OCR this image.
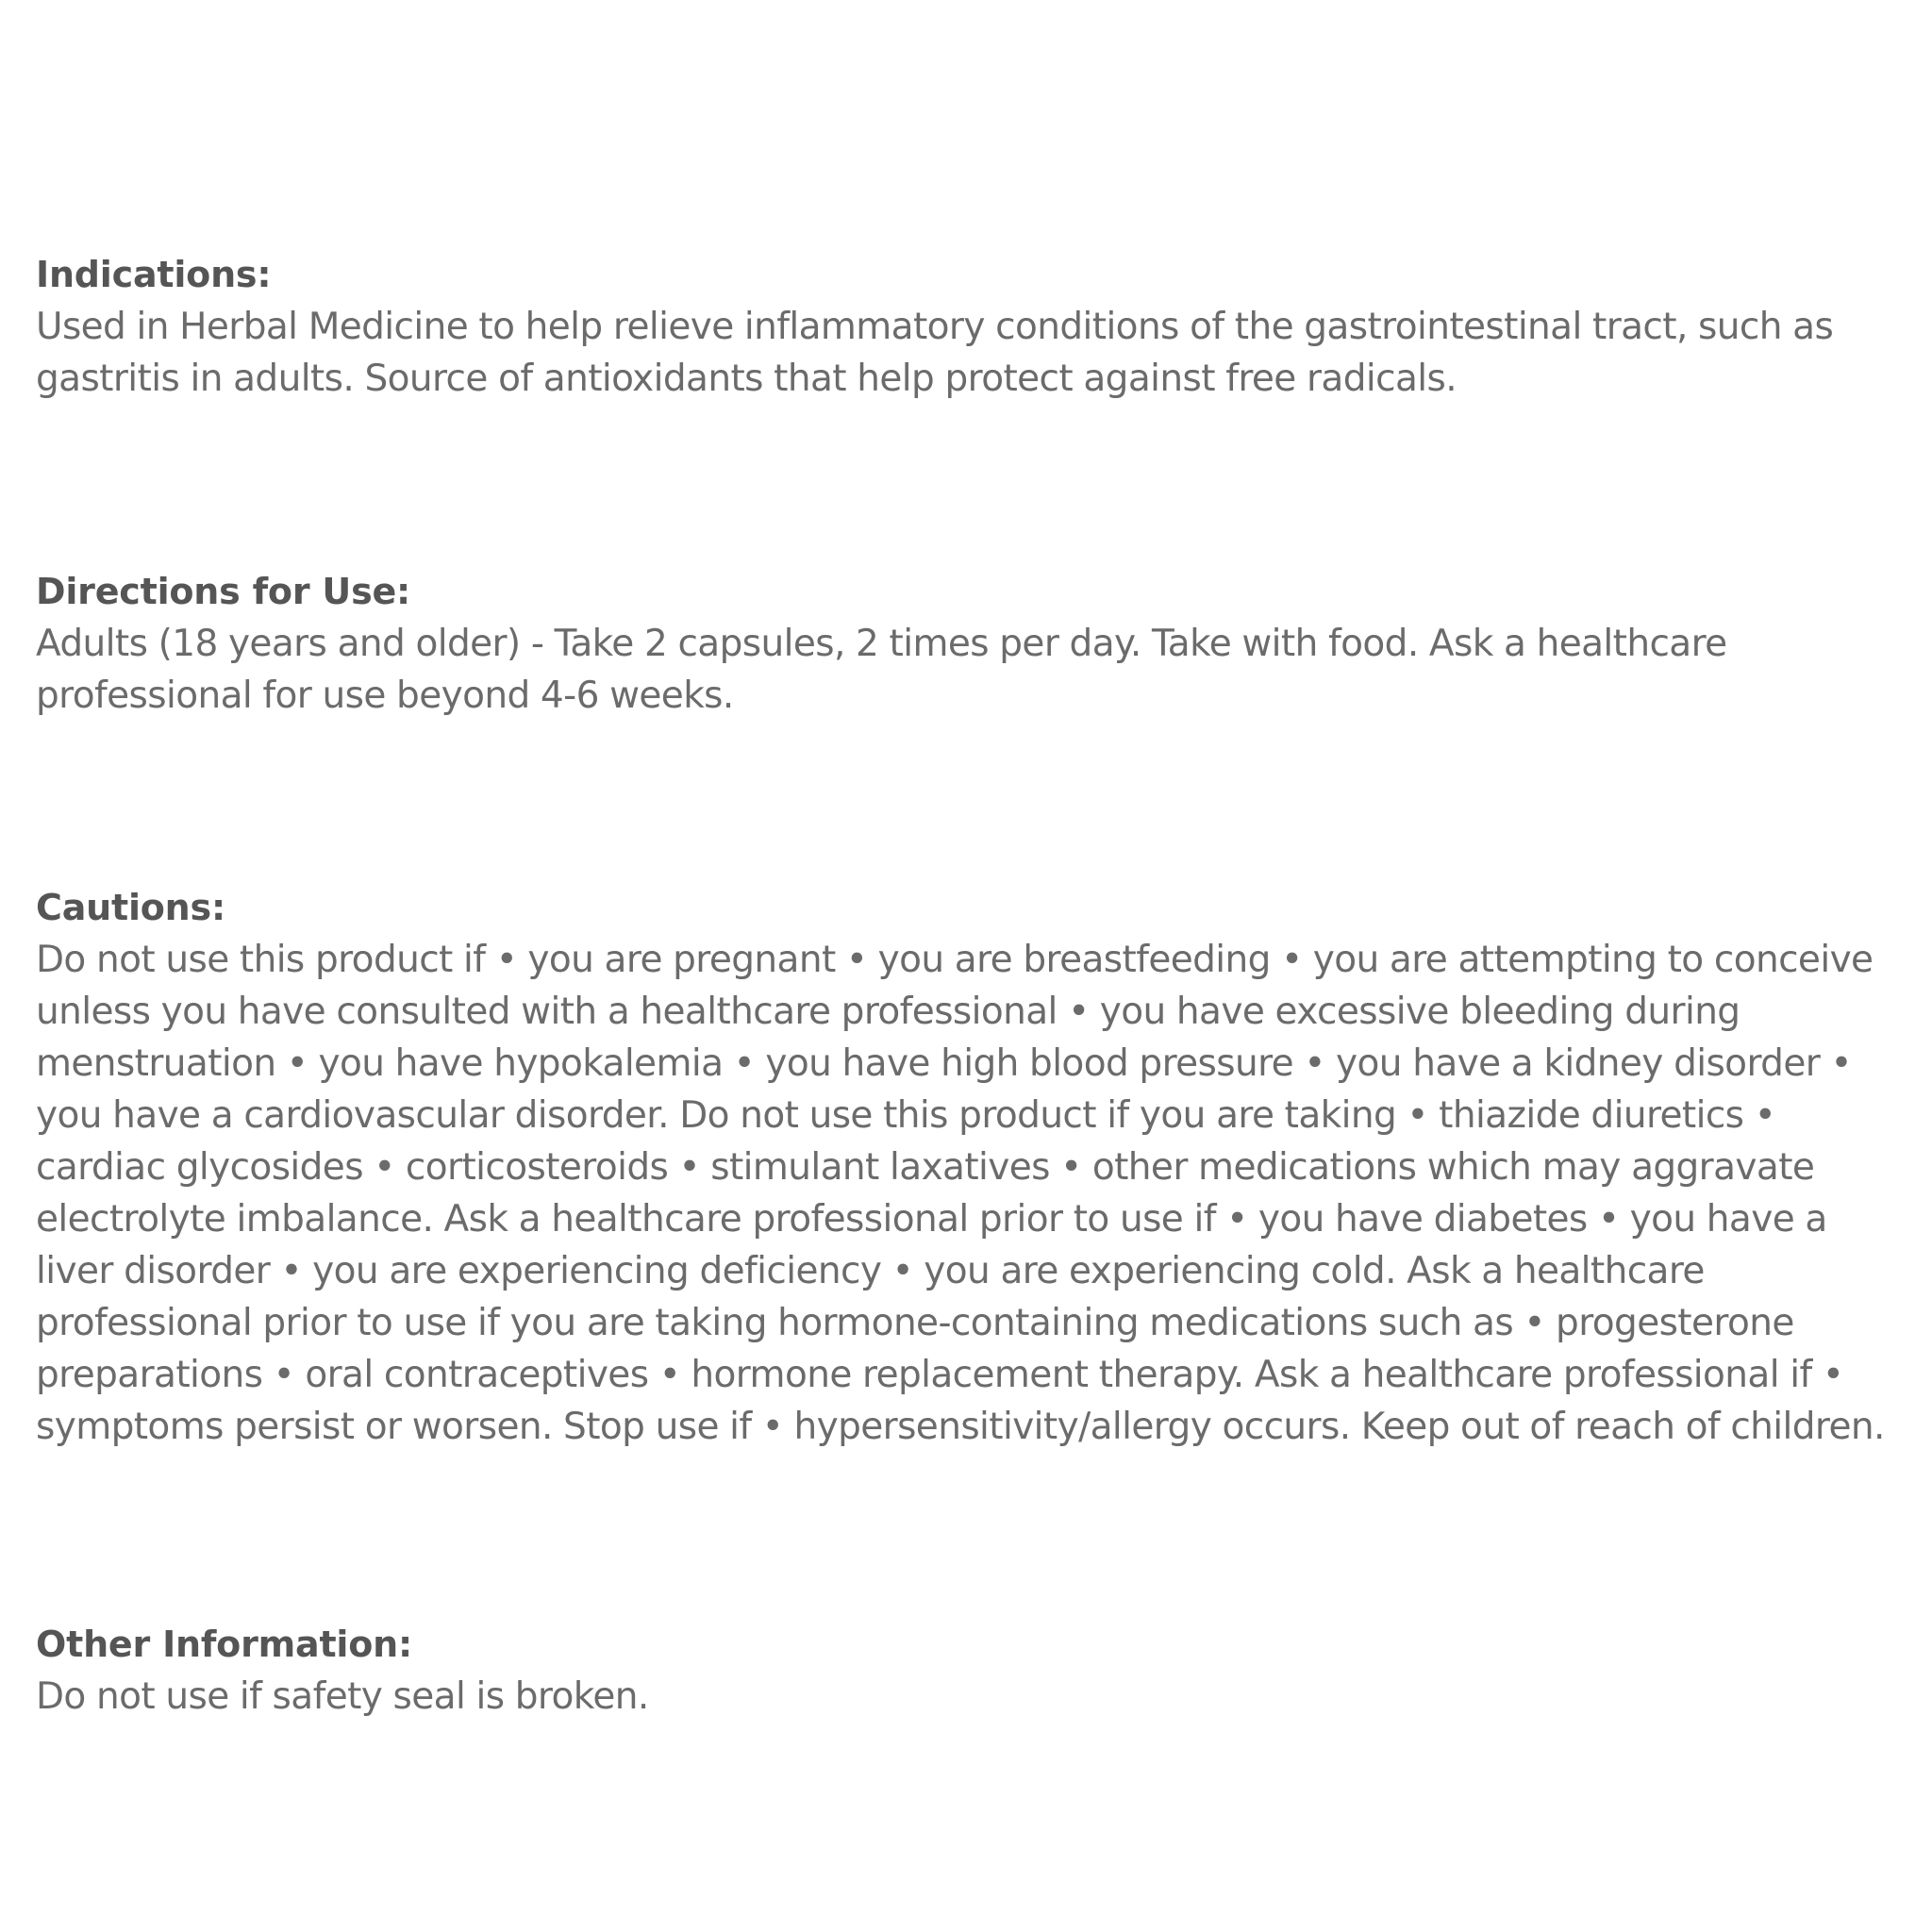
Indications:

Used in Herbal Medicine to help relieve inflammatory conditions of the gastrointestinal tract, such as gastritis in adults. Source of antioxidants that help protect against free radicals.

Directions for Use:

Adults (18 years and older) - Take 2 capsules, 2 times per day. Take with food. Ask a healthcare professional for use beyond 4-6 weeks.

Cautions:

Do not use this product if • you are pregnant • you are breastfeeding • you are attempting to conceive unless you have consulted with a healthcare professional • you have excessive bleeding during menstruation • you have hypokalemia • you have high blood pressure • you have a kidney disorder • you have a cardiovascular disorder. Do not use this product if you are taking • thiazide diuretics • cardiac glycosides • corticosteroids • stimulant laxatives • other medications which may aggravate electrolyte imbalance. Ask a healthcare professional prior to use if • you have diabetes • you have a liver disorder • you are experiencing deficiency • you are experiencing cold. Ask a healthcare professional prior to use if you are taking hormone-containing medications such as • progesterone preparations • oral contraceptives • hormone replacement therapy. Ask a healthcare professional if • symptoms persist or worsen. Stop use if • hypersensitivity/allergy occurs. Keep out of reach of children.

Other Information:

Do not use if safety seal is broken.
